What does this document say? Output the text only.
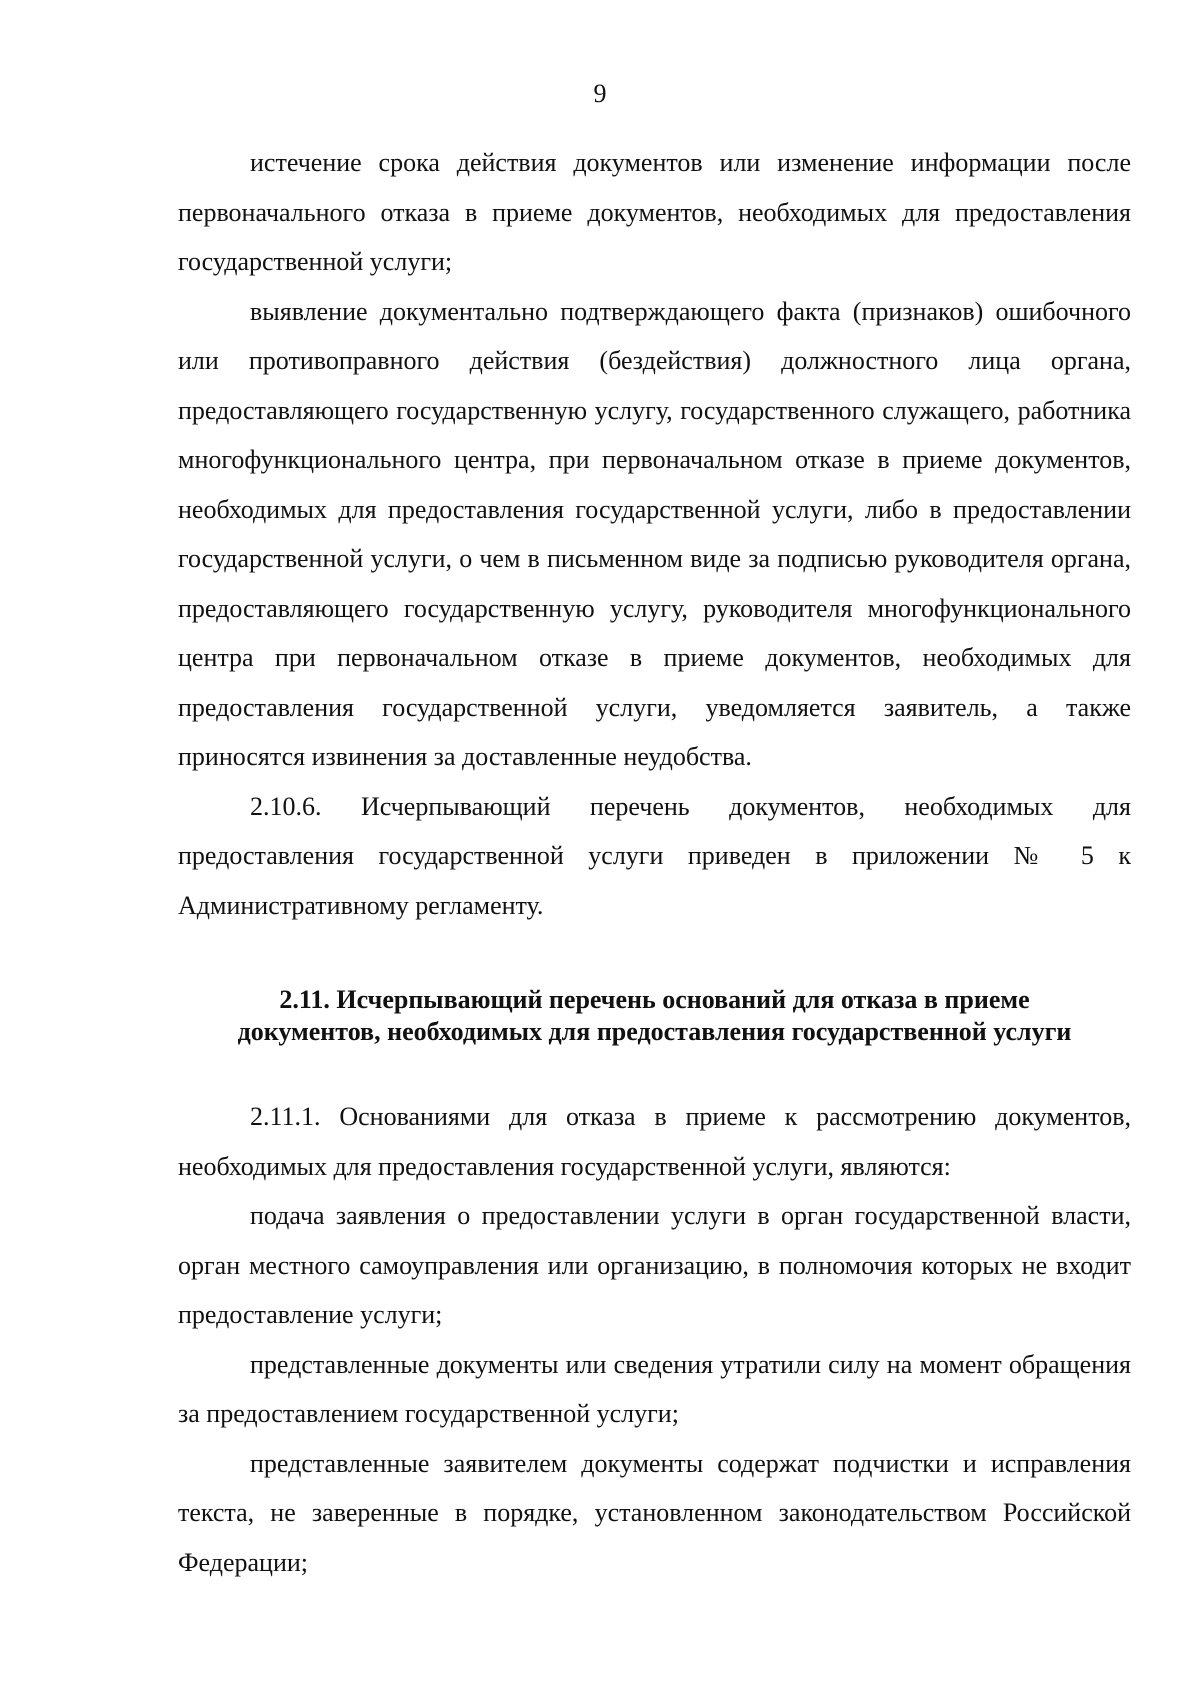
9

истечение срока действия документов или изменение информации после первоначального отказа в приеме документов, необходимых для предоставления государственной услуги;

выявление документально подтверждающего факта (признаков) ошибочного или противоправного действия (бездействия) должностного лица органа, предоставляющего государственную услугу, государственного служащего, работника многофункционального центра, при первоначальном отказе в приеме документов, необходимых для предоставления государственной услуги, либо в предоставлении государственной услуги, о чем в письменном виде за подписью руководителя органа, предоставляющего государственную услугу, руководителя многофункционального центра при первоначальном отказе в приеме документов, необходимых для предоставления государственной услуги, уведомляется заявитель, а также приносятся извинения за доставленные неудобства.

2.10.6. Исчерпывающий перечень документов, необходимых для предоставления государственной услуги приведен в приложении № 5 к Административному регламенту.

2.11. Исчерпывающий перечень оснований для отказа в приеме
документов, необходимых для предоставления государственной услуги

2.11.1. Основаниями для отказа в приеме к рассмотрению документов, необходимых для предоставления государственной услуги, являются:

подача заявления о предоставлении услуги в орган государственной власти, орган местного самоуправления или организацию, в полномочия которых не входит предоставление услуги;

представленные документы или сведения утратили силу на момент обращения за предоставлением государственной услуги;

представленные заявителем документы содержат подчистки и исправления текста, не заверенные в порядке, установленном законодательством Российской Федерации;
